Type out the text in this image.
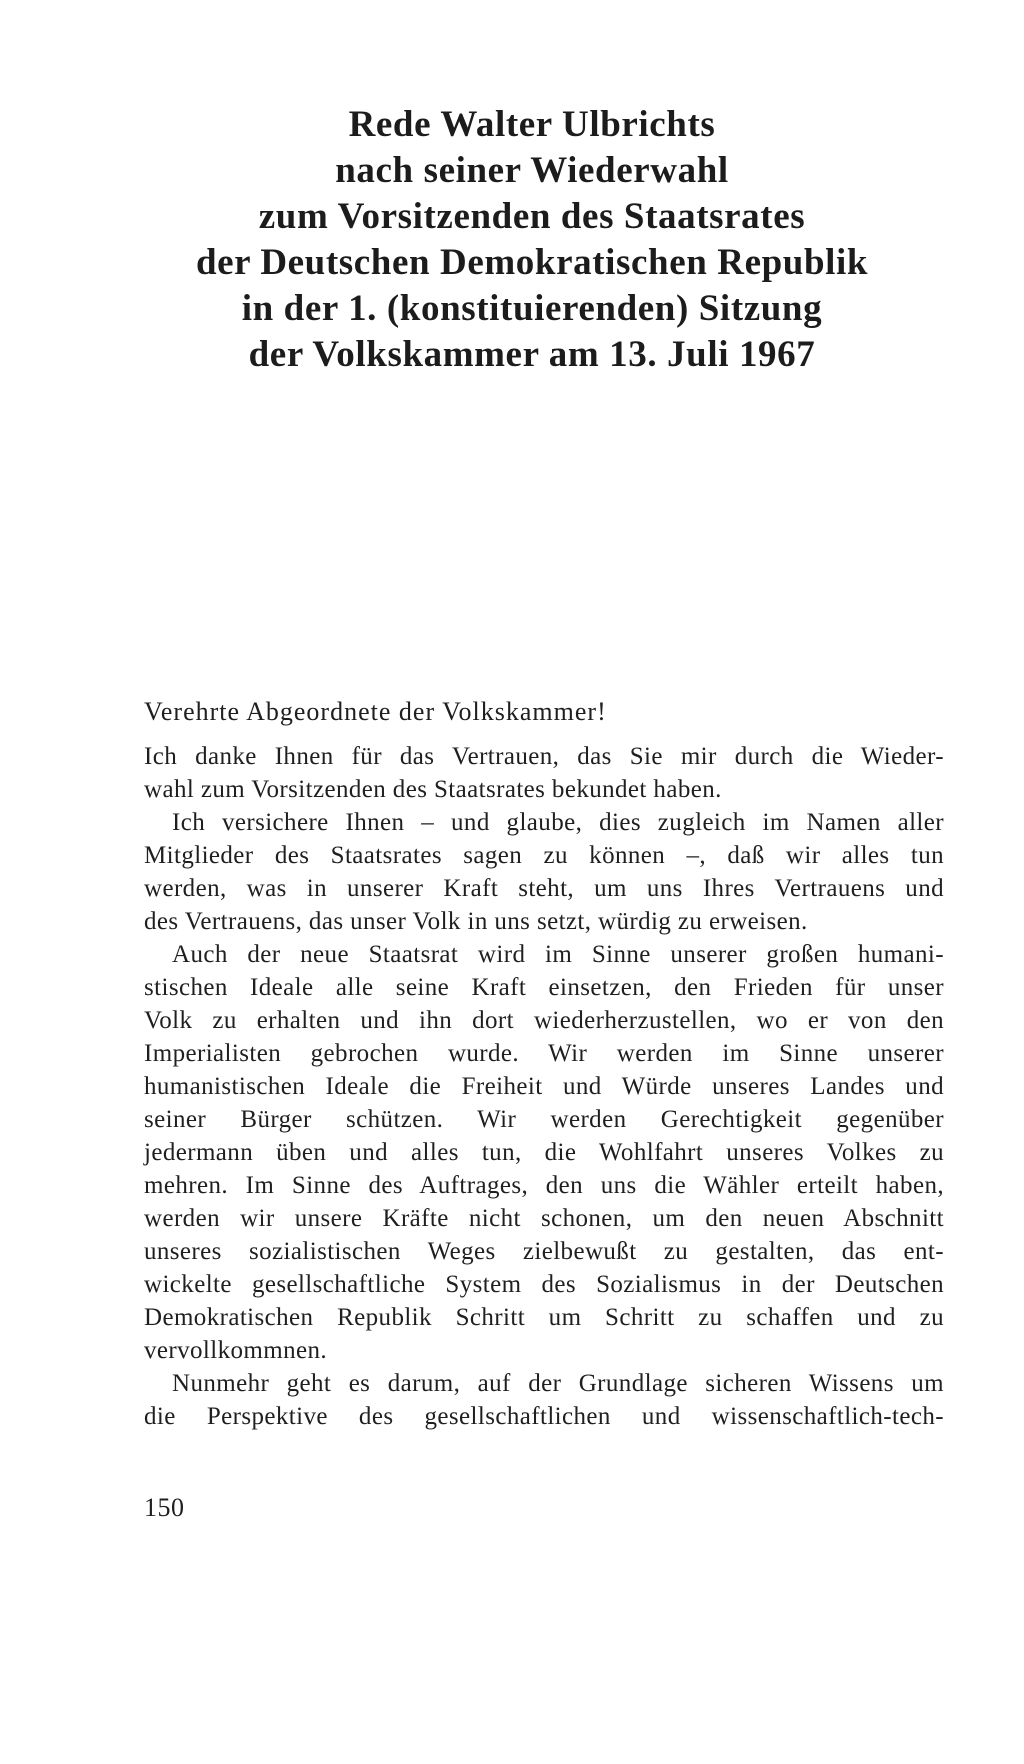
Rede Walter Ulbrichts
nach seiner Wiederwahl
zum Vorsitzenden des Staatsrates
der Deutschen Demokratischen Republik
in der 1. (konstituierenden) Sitzung
der Volkskammer am 13. Juli 1967

Verehrte Abgeordnete der Volkskammer!

Ich danke Ihnen für das Vertrauen, das Sie mir durch die Wieder-
wahl zum Vorsitzenden des Staatsrates bekundet haben.

Ich versichere Ihnen – und glaube, dies zugleich im Namen aller
Mitglieder des Staatsrates sagen zu können –, daß wir alles tun
werden, was in unserer Kraft steht, um uns Ihres Vertrauens und
des Vertrauens, das unser Volk in uns setzt, würdig zu erweisen.

Auch der neue Staatsrat wird im Sinne unserer großen humani-
stischen Ideale alle seine Kraft einsetzen, den Frieden für unser
Volk zu erhalten und ihn dort wiederherzustellen, wo er von den
Imperialisten gebrochen wurde. Wir werden im Sinne unserer
humanistischen Ideale die Freiheit und Würde unseres Landes und
seiner Bürger schützen. Wir werden Gerechtigkeit gegenüber
jedermann üben und alles tun, die Wohlfahrt unseres Volkes zu
mehren. Im Sinne des Auftrages, den uns die Wähler erteilt haben,
werden wir unsere Kräfte nicht schonen, um den neuen Abschnitt
unseres sozialistischen Weges zielbewußt zu gestalten, das ent-
wickelte gesellschaftliche System des Sozialismus in der Deutschen
Demokratischen Republik Schritt um Schritt zu schaffen und zu
vervollkommnen.

Nunmehr geht es darum, auf der Grundlage sicheren Wissens um
die Perspektive des gesellschaftlichen und wissenschaftlich-tech-

150
